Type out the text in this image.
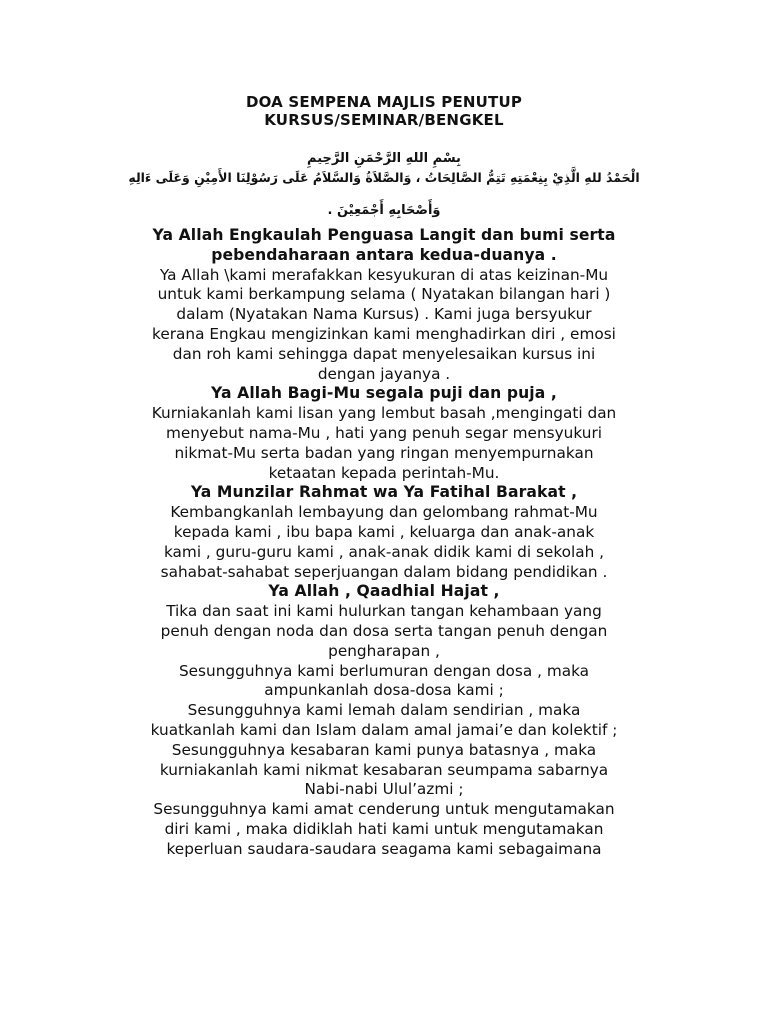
DOA SEMPENA MAJLIS PENUTUP
KURSUS/SEMINAR/BENGKEL
بِسْمِ اللهِ الرَّحْمَنِ الرَّحِيمِ
الْحَمْدُ للهِ الَّذِيْ بِنِعْمَتِهِ تَتِمُّ الصَّالِحَاتُ ، وَالصَّلاَةُ وَالسَّلاَمُ عَلَى رَسُوْلِنَا الأَمِيْنِ وَعَلَى ءَالِهِ
وَأَصْحَابِهِ أَجْمَعِيْنَ .
Ya Allah Engkaulah Penguasa Langit dan bumi serta
pebendaharaan antara kedua-duanya .
Ya Allah \kami merafakkan kesyukuran di atas keizinan-Mu
untuk kami berkampung selama ( Nyatakan bilangan hari )
dalam (Nyatakan Nama Kursus) . Kami juga bersyukur
kerana Engkau mengizinkan kami menghadirkan diri , emosi
dan roh kami sehingga dapat menyelesaikan kursus ini
dengan jayanya .
Ya Allah Bagi-Mu segala puji dan puja ,
Kurniakanlah kami lisan yang lembut basah ,mengingati dan
menyebut nama-Mu , hati yang penuh segar mensyukuri
nikmat-Mu serta badan yang ringan menyempurnakan
ketaatan kepada perintah-Mu.
Ya Munzilar Rahmat wa Ya Fatihal Barakat ,
Kembangkanlah lembayung dan gelombang rahmat-Mu
kepada kami , ibu bapa kami , keluarga dan anak-anak
kami , guru-guru kami , anak-anak didik kami di sekolah ,
sahabat-sahabat seperjuangan dalam bidang pendidikan .
Ya Allah , Qaadhial Hajat ,
Tika dan saat ini kami hulurkan tangan kehambaan yang
penuh dengan noda dan dosa serta tangan penuh dengan
pengharapan ,
Sesungguhnya kami berlumuran dengan dosa , maka
ampunkanlah dosa-dosa kami ;
Sesungguhnya kami lemah dalam sendirian , maka
kuatkanlah kami dan Islam dalam amal jamai’e dan kolektif ;
Sesungguhnya kesabaran kami punya batasnya , maka
kurniakanlah kami nikmat kesabaran seumpama sabarnya
Nabi-nabi Ulul’azmi ;
Sesungguhnya kami amat cenderung untuk mengutamakan
diri kami , maka didiklah hati kami untuk mengutamakan
keperluan saudara-saudara seagama kami sebagaimana
